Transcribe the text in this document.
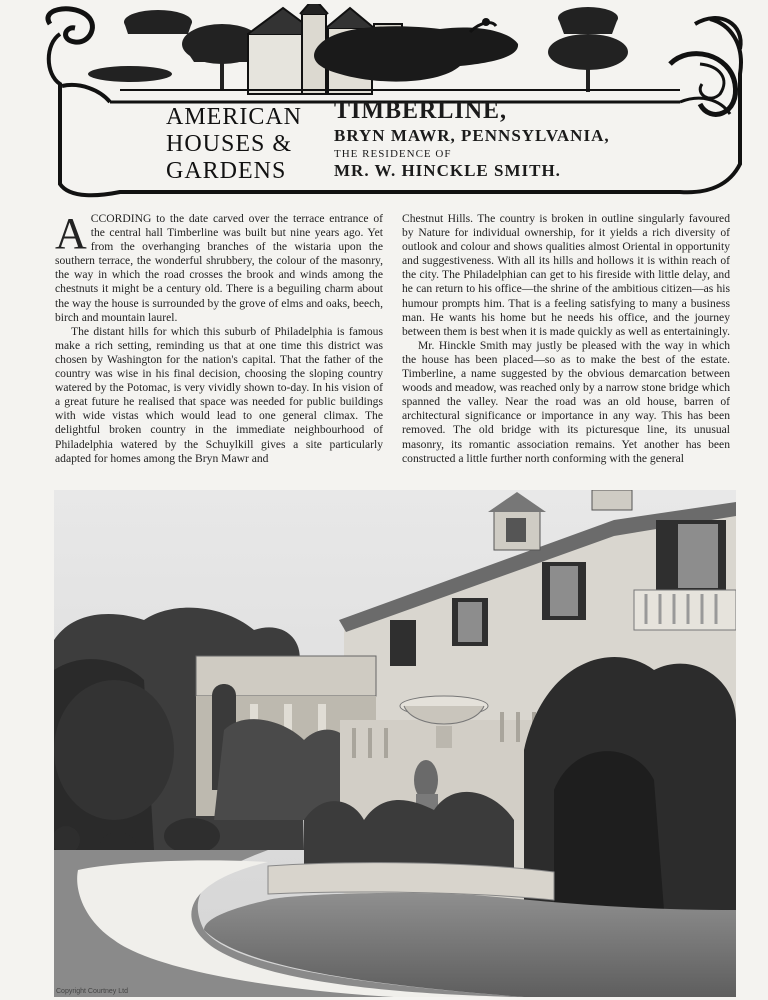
AMERICAN
HOUSES &
GARDENS
TIMBERLINE,
BRYN MAWR, PENNSYLVANIA,
THE RESIDENCE OF
MR. W. HINCKLE SMITH.

ACCORDING to the date carved over the terrace entrance of the central hall Timberline was built but nine years ago. Yet from the overhanging branches of the wistaria upon the southern terrace, the wonderful shrubbery, the colour of the masonry, the way in which the road crosses the brook and winds among the chestnuts it might be a century old. There is a beguiling charm about the way the house is surrounded by the grove of elms and oaks, beech, birch and mountain laurel.

The distant hills for which this suburb of Philadelphia is famous make a rich setting, reminding us that at one time this district was chosen by Washington for the nation's capital. That the father of the country was wise in his final decision, choosing the sloping country watered by the Potomac, is very vividly shown to-day. In his vision of a great future he realised that space was needed for public buildings with wide vistas which would lead to one general climax. The delightful broken country in the immediate neighbourhood of Philadelphia watered by the Schuylkill gives a site particularly adapted for homes among the Bryn Mawr and

Chestnut Hills. The country is broken in outline singularly favoured by Nature for individual ownership, for it yields a rich diversity of outlook and colour and shows qualities almost Oriental in opportunity and suggestiveness. With all its hills and hollows it is within reach of the city. The Philadelphian can get to his fireside with little delay, and he can return to his office—the shrine of the ambitious citizen—as his humour prompts him. That is a feeling satisfying to many a business man. He wants his home but he needs his office, and the journey between them is best when it is made quickly as well as entertainingly.

Mr. Hinckle Smith may justly be pleased with the way in which the house has been placed—so as to make the best of the estate. Timberline, a name suggested by the obvious demarcation between woods and meadow, was reached only by a narrow stone bridge which spanned the valley. Near the road was an old house, barren of architectural significance or importance in any way. This has been removed. The old bridge with its picturesque line, its unusual masonry, its romantic association remains. Yet another has been constructed a little further north conforming with the general

Copyright Courtney Ltd
